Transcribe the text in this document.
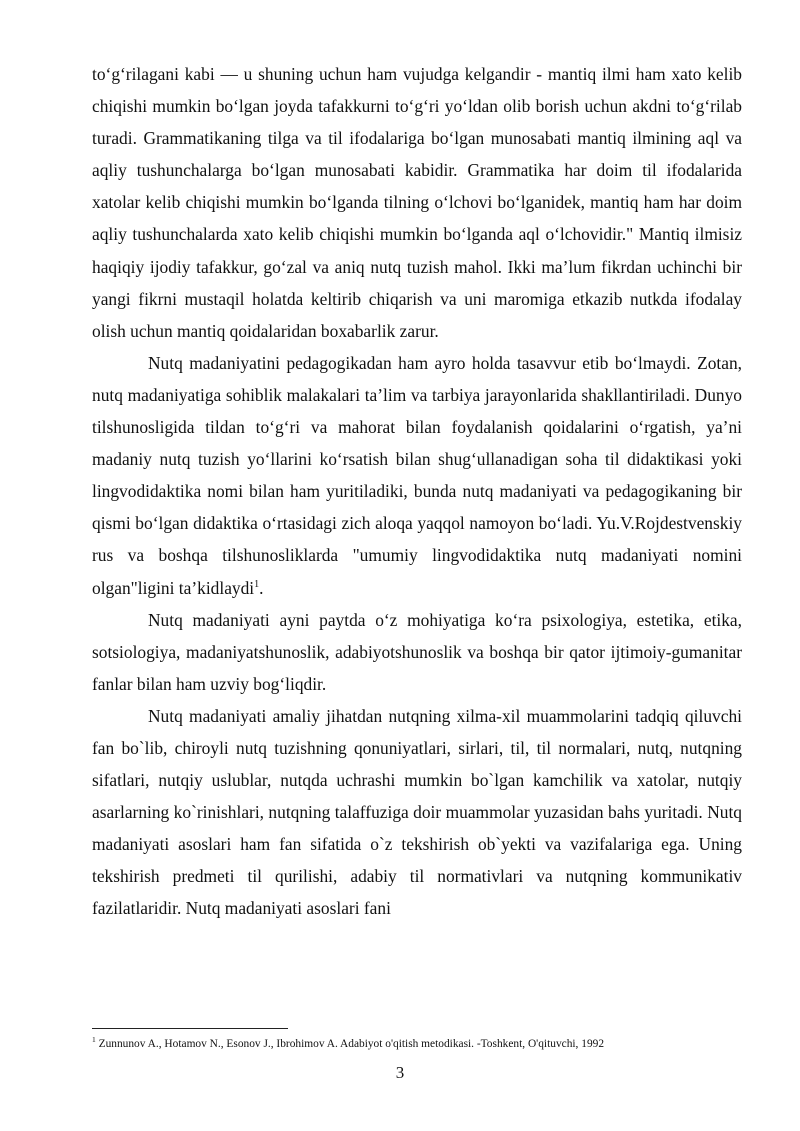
to‘g‘rilagani kabi — u shuning uchun ham vujudga kelgandir - mantiq ilmi ham xato kelib chiqishi mumkin bo‘lgan joyda tafakkurni to‘g‘ri yo‘ldan olib borish uchun akdni to‘g‘rilab turadi. Grammatikaning tilga va til ifodalariga bo‘lgan munosabati mantiq ilmining aql va aqliy tushunchalarga bo‘lgan munosabati kabidir. Grammatika har doim til ifodalarida xatolar kelib chiqishi mumkin bo‘lganda tilning o‘lchovi bo‘lganidek, mantiq ham har doim aqliy tushunchalarda xato kelib chiqishi mumkin bo‘lganda aql o‘lchovidir." Mantiq ilmisiz haqiqiy ijodiy tafakkur, go‘zal va aniq nutq tuzish mahol. Ikki ma’lum fikrdan uchinchi bir yangi fikrni mustaqil holatda keltirib chiqarish va uni maromiga etkazib nutkda ifodalay olish uchun mantiq qoidalaridan boxabarlik zarur.

Nutq madaniyatini pedagogikadan ham ayro holda tasavvur etib bo‘lmaydi. Zotan, nutq madaniyatiga sohiblik malakalari ta’lim va tarbiya jarayonlarida shakllantiriladi. Dunyo tilshunosligida tildan to‘g‘ri va mahorat bilan foydalanish qoidalarini o‘rgatish, ya’ni madaniy nutq tuzish yo‘llarini ko‘rsatish bilan shug‘ullanadigan soha til didaktikasi yoki lingvodidaktika nomi bilan ham yuritiladiki, bunda nutq madaniyati va pedagogikaning bir qismi bo‘lgan didaktika o‘rtasidagi zich aloqa yaqqol namoyon bo‘ladi. Yu.V.Rojdestvenskiy rus va boshqa tilshunosliklarda "umumiy lingvodidaktika nutq madaniyati nomini olgan"ligini ta’kidlaydi$^1$.

Nutq madaniyati ayni paytda o‘z mohiyatiga ko‘ra psixologiya, estetika, etika, sotsiologiya, madaniyatshunoslik, adabiyotshunoslik va boshqa bir qator ijtimoiy-gumanitar fanlar bilan ham uzviy bog‘liqdir.

Nutq madaniyati amaliy jihatdan nutqning xilma-xil muammolarini tadqiq qiluvchi fan bo`lib, chiroyli nutq tuzishning qonuniyatlari, sirlari, til, til normalari, nutq, nutqning sifatlari, nutqiy uslublar, nutqda uchrashi mumkin bo`lgan kamchilik va xatolar, nutqiy asarlarning ko`rinishlari, nutqning talaffuziga doir muammolar yuzasidan bahs yuritadi. Nutq madaniyati asoslari ham fan sifatida o`z tekshirish ob`yekti va vazifalariga ega. Uning tekshirish predmeti til qurilishi, adabiy til normativlari va nutqning kommunikativ fazilatlaridir. Nutq madaniyati asoslari fani

$^1$ Zunnunov A., Hotamov N., Esonov J., Ibrohimov A. Adabiyot o'qitish metodikasi. -Toshkent, O'qituvchi, 1992

3
